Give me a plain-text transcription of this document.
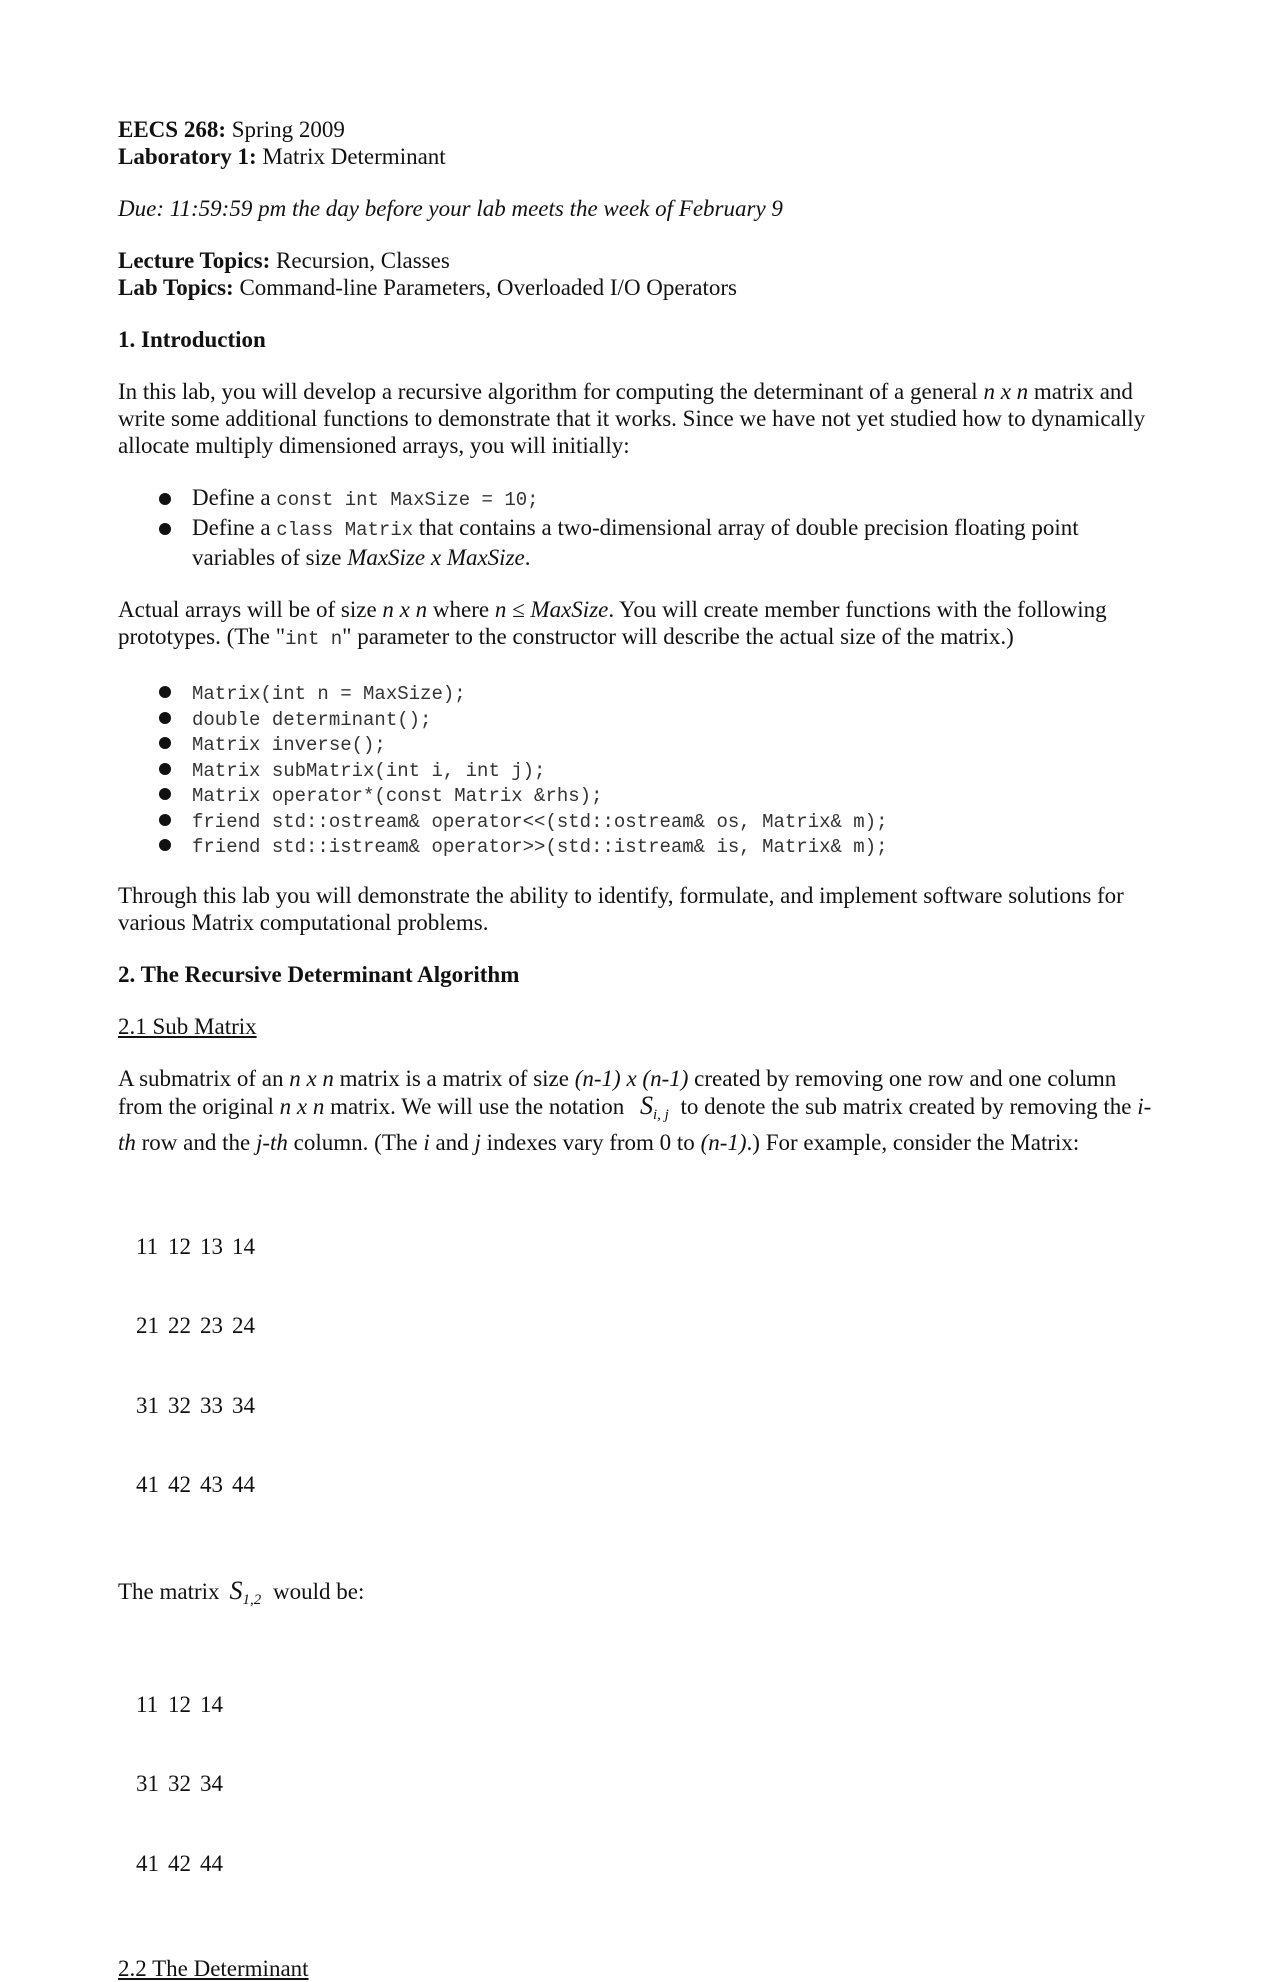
EECS 268: Spring 2009

Laboratory 1: Matrix Determinant

Due: 11:59:59 pm the day before your lab meets the week of February 9

Lecture Topics: Recursion, Classes

Lab Topics: Command-line Parameters, Overloaded I/O Operators

1. Introduction

In this lab, you will develop a recursive algorithm for computing the determinant of a general n x n matrix and write some additional functions to demonstrate that it works. Since we have not yet studied how to dynamically allocate multiply dimensioned arrays, you will initially:

Define a const int MaxSize = 10;
Define a class Matrix that contains a two-dimensional array of double precision floating point variables of size MaxSize x MaxSize.

Actual arrays will be of size n x n where n ≤ MaxSize. You will create member functions with the following prototypes. (The "int n" parameter to the constructor will describe the actual size of the matrix.)

Matrix(int n = MaxSize);
double determinant();
Matrix inverse();
Matrix subMatrix(int i, int j);
Matrix operator*(const Matrix &rhs);
friend std::ostream& operator<<(std::ostream& os, Matrix& m);
friend std::istream& operator>>(std::istream& is, Matrix& m);

Through this lab you will demonstrate the ability to identify, formulate, and implement software solutions for various Matrix computational problems.

2. The Recursive Determinant Algorithm

2.1 Sub Matrix

A submatrix of an n x n matrix is a matrix of size (n-1) x (n-1) created by removing one row and one column from the original n x n matrix. We will use the notation $S_{i, j}$ to denote the sub matrix created by removing the i-th row and the j-th column. (The i and j indexes vary from 0 to (n-1).) For example, consider the Matrix:

11 12 13 14

21 22 23 24

31 32 33 34

41 42 43 44

The matrix $S_{1,2}$ would be:

11 12 14

31 32 34

41 42 44

2.2 The Determinant
